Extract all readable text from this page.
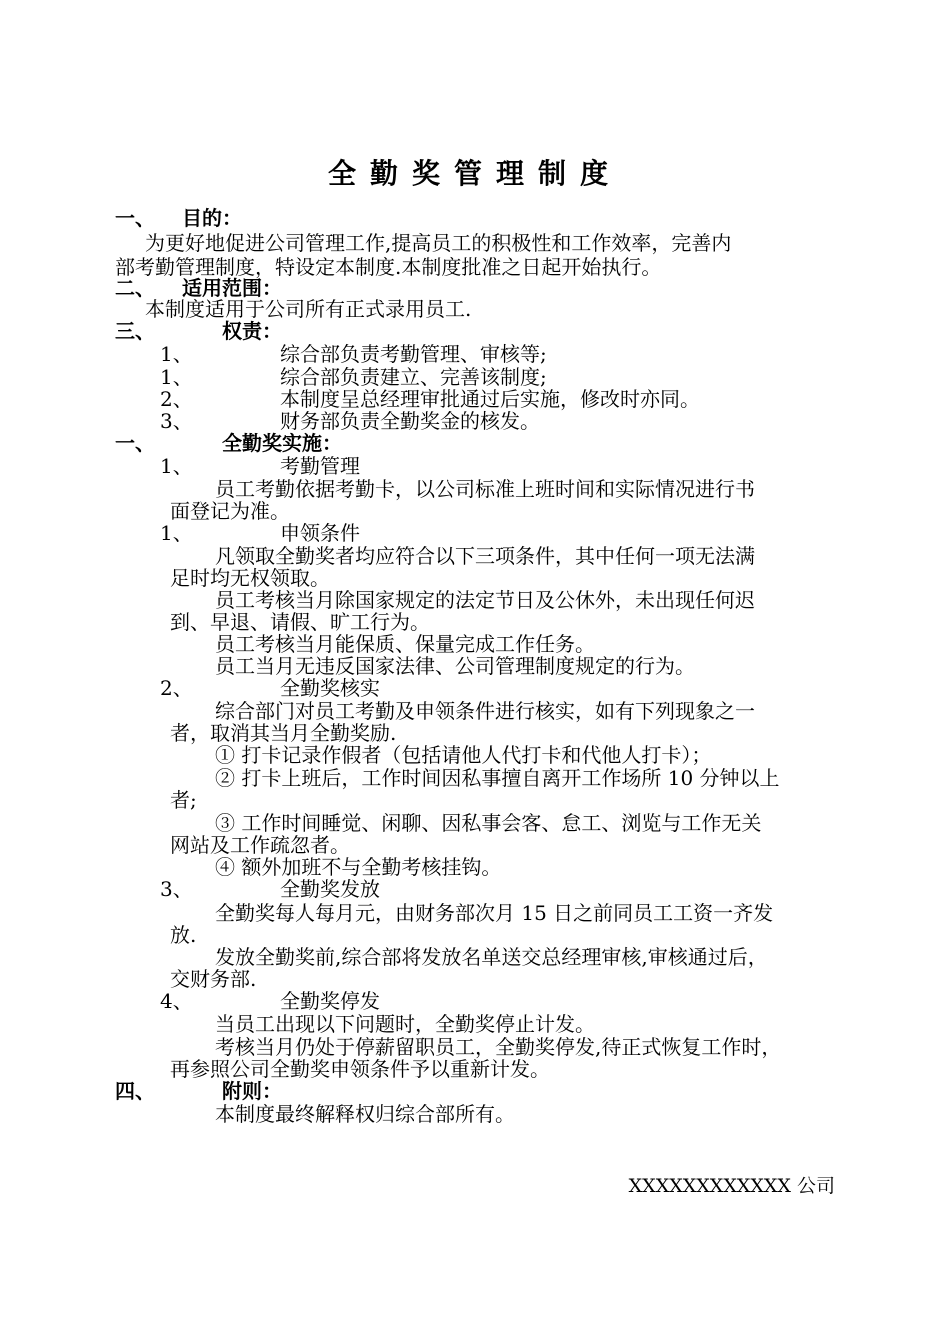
全勤奖管理制度
一、 目的：
为更好地促进公司管理工作,提高员工的积极性和工作效率，完善内
部考勤管理制度，特设定本制度.本制度批准之日起开始执行。
二、 适用范围：
本制度适用于公司所有正式录用员工.
三、	权责：
1、	综合部负责考勤管理、审核等;
1、	综合部负责建立、完善该制度;
2、	本制度呈总经理审批通过后实施，修改时亦同。
3、	财务部负责全勤奖金的核发。
一、	全勤奖实施：
1、	考勤管理
员工考勤依据考勤卡，以公司标准上班时间和实际情况进行书
面登记为准。
1、	申领条件
凡领取全勤奖者均应符合以下三项条件，其中任何一项无法满
足时均无权领取。
员工考核当月除国家规定的法定节日及公休外，未出现任何迟
到、早退、请假、旷工行为。
员工考核当月能保质、保量完成工作任务。
员工当月无违反国家法律、公司管理制度规定的行为。
2、	全勤奖核实
综合部门对员工考勤及申领条件进行核实，如有下列现象之一
者，取消其当月全勤奖励.
① 打卡记录作假者（包括请他人代打卡和代他人打卡）；
② 打卡上班后，工作时间因私事擅自离开工作场所 10 分钟以上
者;
③ 工作时间睡觉、闲聊、因私事会客、怠工、浏览与工作无关
网站及工作疏忽者。
④ 额外加班不与全勤考核挂钩。
3、	全勤奖发放
全勤奖每人每月元，由财务部次月 15 日之前同员工工资一齐发
放.
发放全勤奖前,综合部将发放名单送交总经理审核,审核通过后，
交财务部.
4、	全勤奖停发
当员工出现以下问题时，全勤奖停止计发。
考核当月仍处于停薪留职员工，全勤奖停发,待正式恢复工作时，
再参照公司全勤奖申领条件予以重新计发。
四、	附则：
本制度最终解释权归综合部所有。
XXXXXXXXXXXX 公司
